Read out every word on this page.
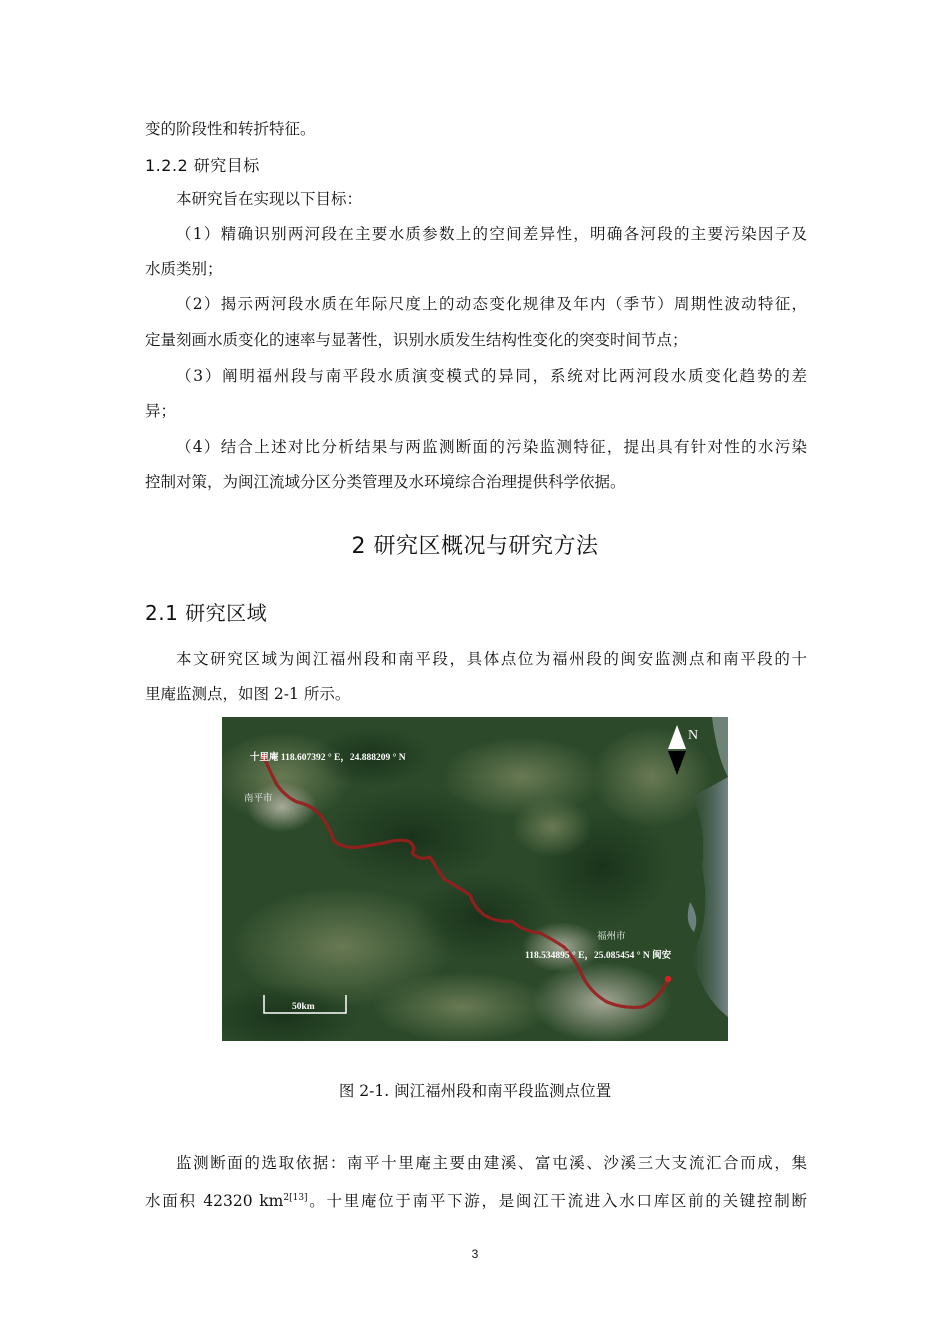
变的阶段性和转折特征。
1.2.2 研究目标
本研究旨在实现以下目标：
（1）精确识别两河段在主要水质参数上的空间差异性，明确各河段的主要污染因子及
水质类别；
（2）揭示两河段水质在年际尺度上的动态变化规律及年内（季节）周期性波动特征，
定量刻画水质变化的速率与显著性，识别水质发生结构性变化的突变时间节点；
（3）阐明福州段与南平段水质演变模式的异同，系统对比两河段水质变化趋势的差
异；
（4）结合上述对比分析结果与两监测断面的污染监测特征，提出具有针对性的水污染
控制对策，为闽江流域分区分类管理及水环境综合治理提供科学依据。
2 研究区概况与研究方法
2.1 研究区域
本文研究区域为闽江福州段和南平段，具体点位为福州段的闽安监测点和南平段的十
里庵监测点，如图 2-1 所示。
十里庵 118.607392 ° E，24.888209 ° N
南平市
福州市
118.534895 ° E，25.085454 ° N 闽安
N
50km
图 2-1. 闽江福州段和南平段监测点位置
监测断面的选取依据：南平十里庵主要由建溪、富屯溪、沙溪三大支流汇合而成，集
水面积 42320 $km^{2[13]}$。十里庵位于南平下游，是闽江干流进入水口库区前的关键控制断
3
